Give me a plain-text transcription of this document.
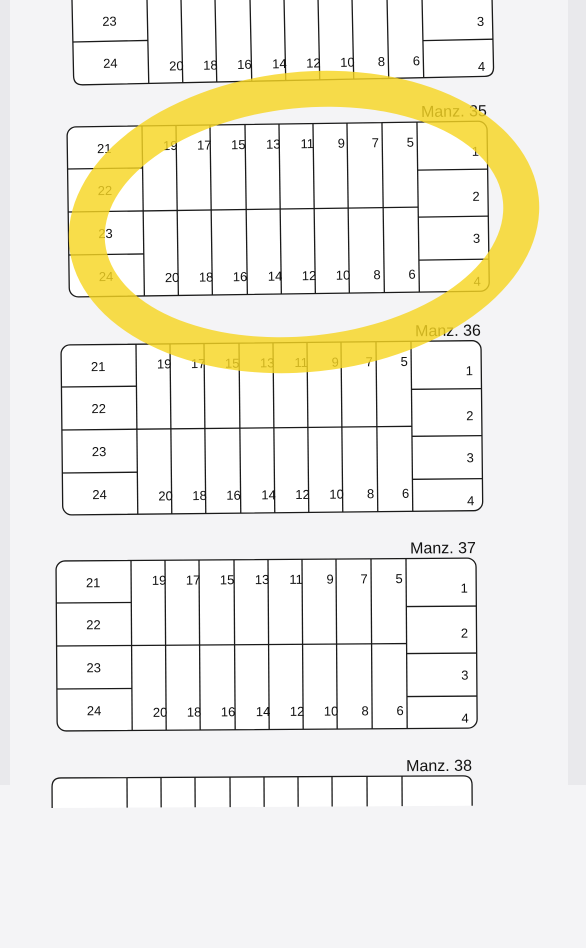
23
24	20 18 16 14 12 10 8 6
3
4
Manz. 35
21
22
23
24
19
20
17
18
15
16
13
14
11
12
9
10
7
8
5
6
1
2
3
4
Manz. 36
21
22
23
24
19
20
17
18
15
16
13
14
11
12
9
10
7
8
5
6
1
2
3
4
Manz. 37
21
22
23
24
19
20
17
18
15
16
13
14
11
12
9
10
7
8
5
6
1
2
3
4
Manz. 38
